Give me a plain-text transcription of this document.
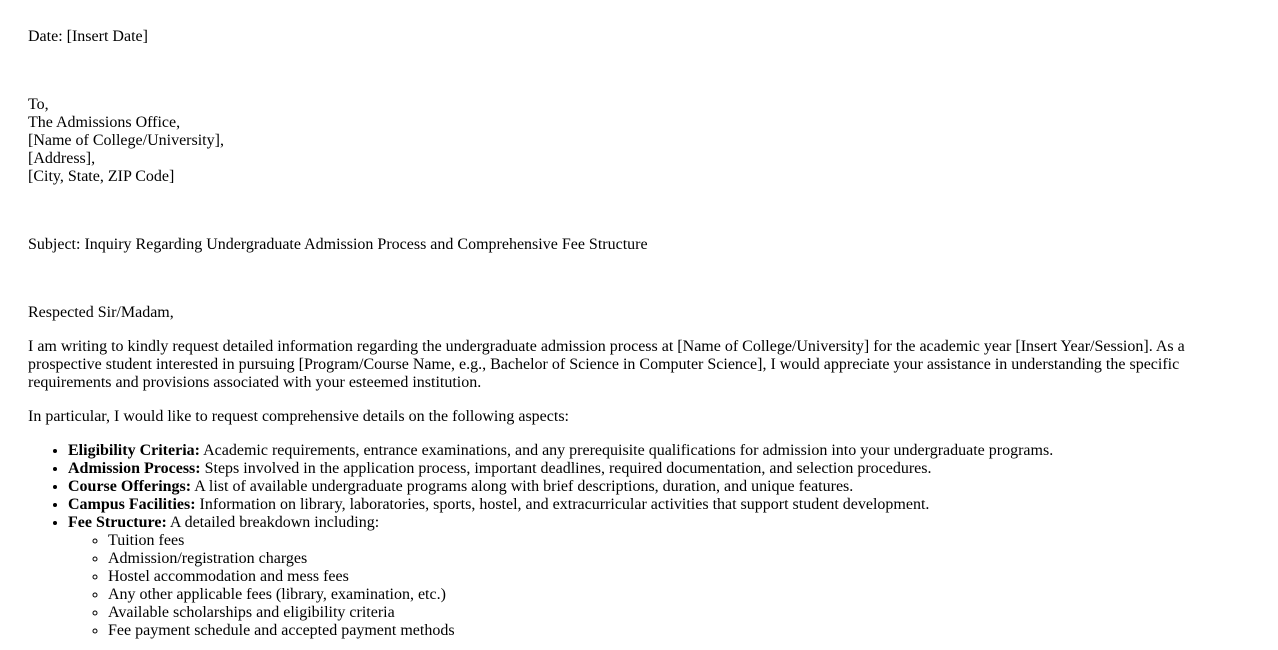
Date: [Insert Date]
To,
The Admissions Office,
[Name of College/University],
[Address],
[City, State, ZIP Code]
Subject: Inquiry Regarding Undergraduate Admission Process and Comprehensive Fee Structure
Respected Sir/Madam,
I am writing to kindly request detailed information regarding the undergraduate admission process at [Name of College/University] for the academic year [Insert Year/Session]. As a prospective student interested in pursuing [Program/Course Name, e.g., Bachelor of Science in Computer Science], I would appreciate your assistance in understanding the specific requirements and provisions associated with your esteemed institution.
In particular, I would like to request comprehensive details on the following aspects:
• Eligibility Criteria: Academic requirements, entrance examinations, and any prerequisite qualifications for admission into your undergraduate programs.
• Admission Process: Steps involved in the application process, important deadlines, required documentation, and selection procedures.
• Course Offerings: A list of available undergraduate programs along with brief descriptions, duration, and unique features.
• Campus Facilities: Information on library, laboratories, sports, hostel, and extracurricular activities that support student development.
• Fee Structure: A detailed breakdown including:
◦ Tuition fees
◦ Admission/registration charges
◦ Hostel accommodation and mess fees
◦ Any other applicable fees (library, examination, etc.)
◦ Available scholarships and eligibility criteria
◦ Fee payment schedule and accepted payment methods
